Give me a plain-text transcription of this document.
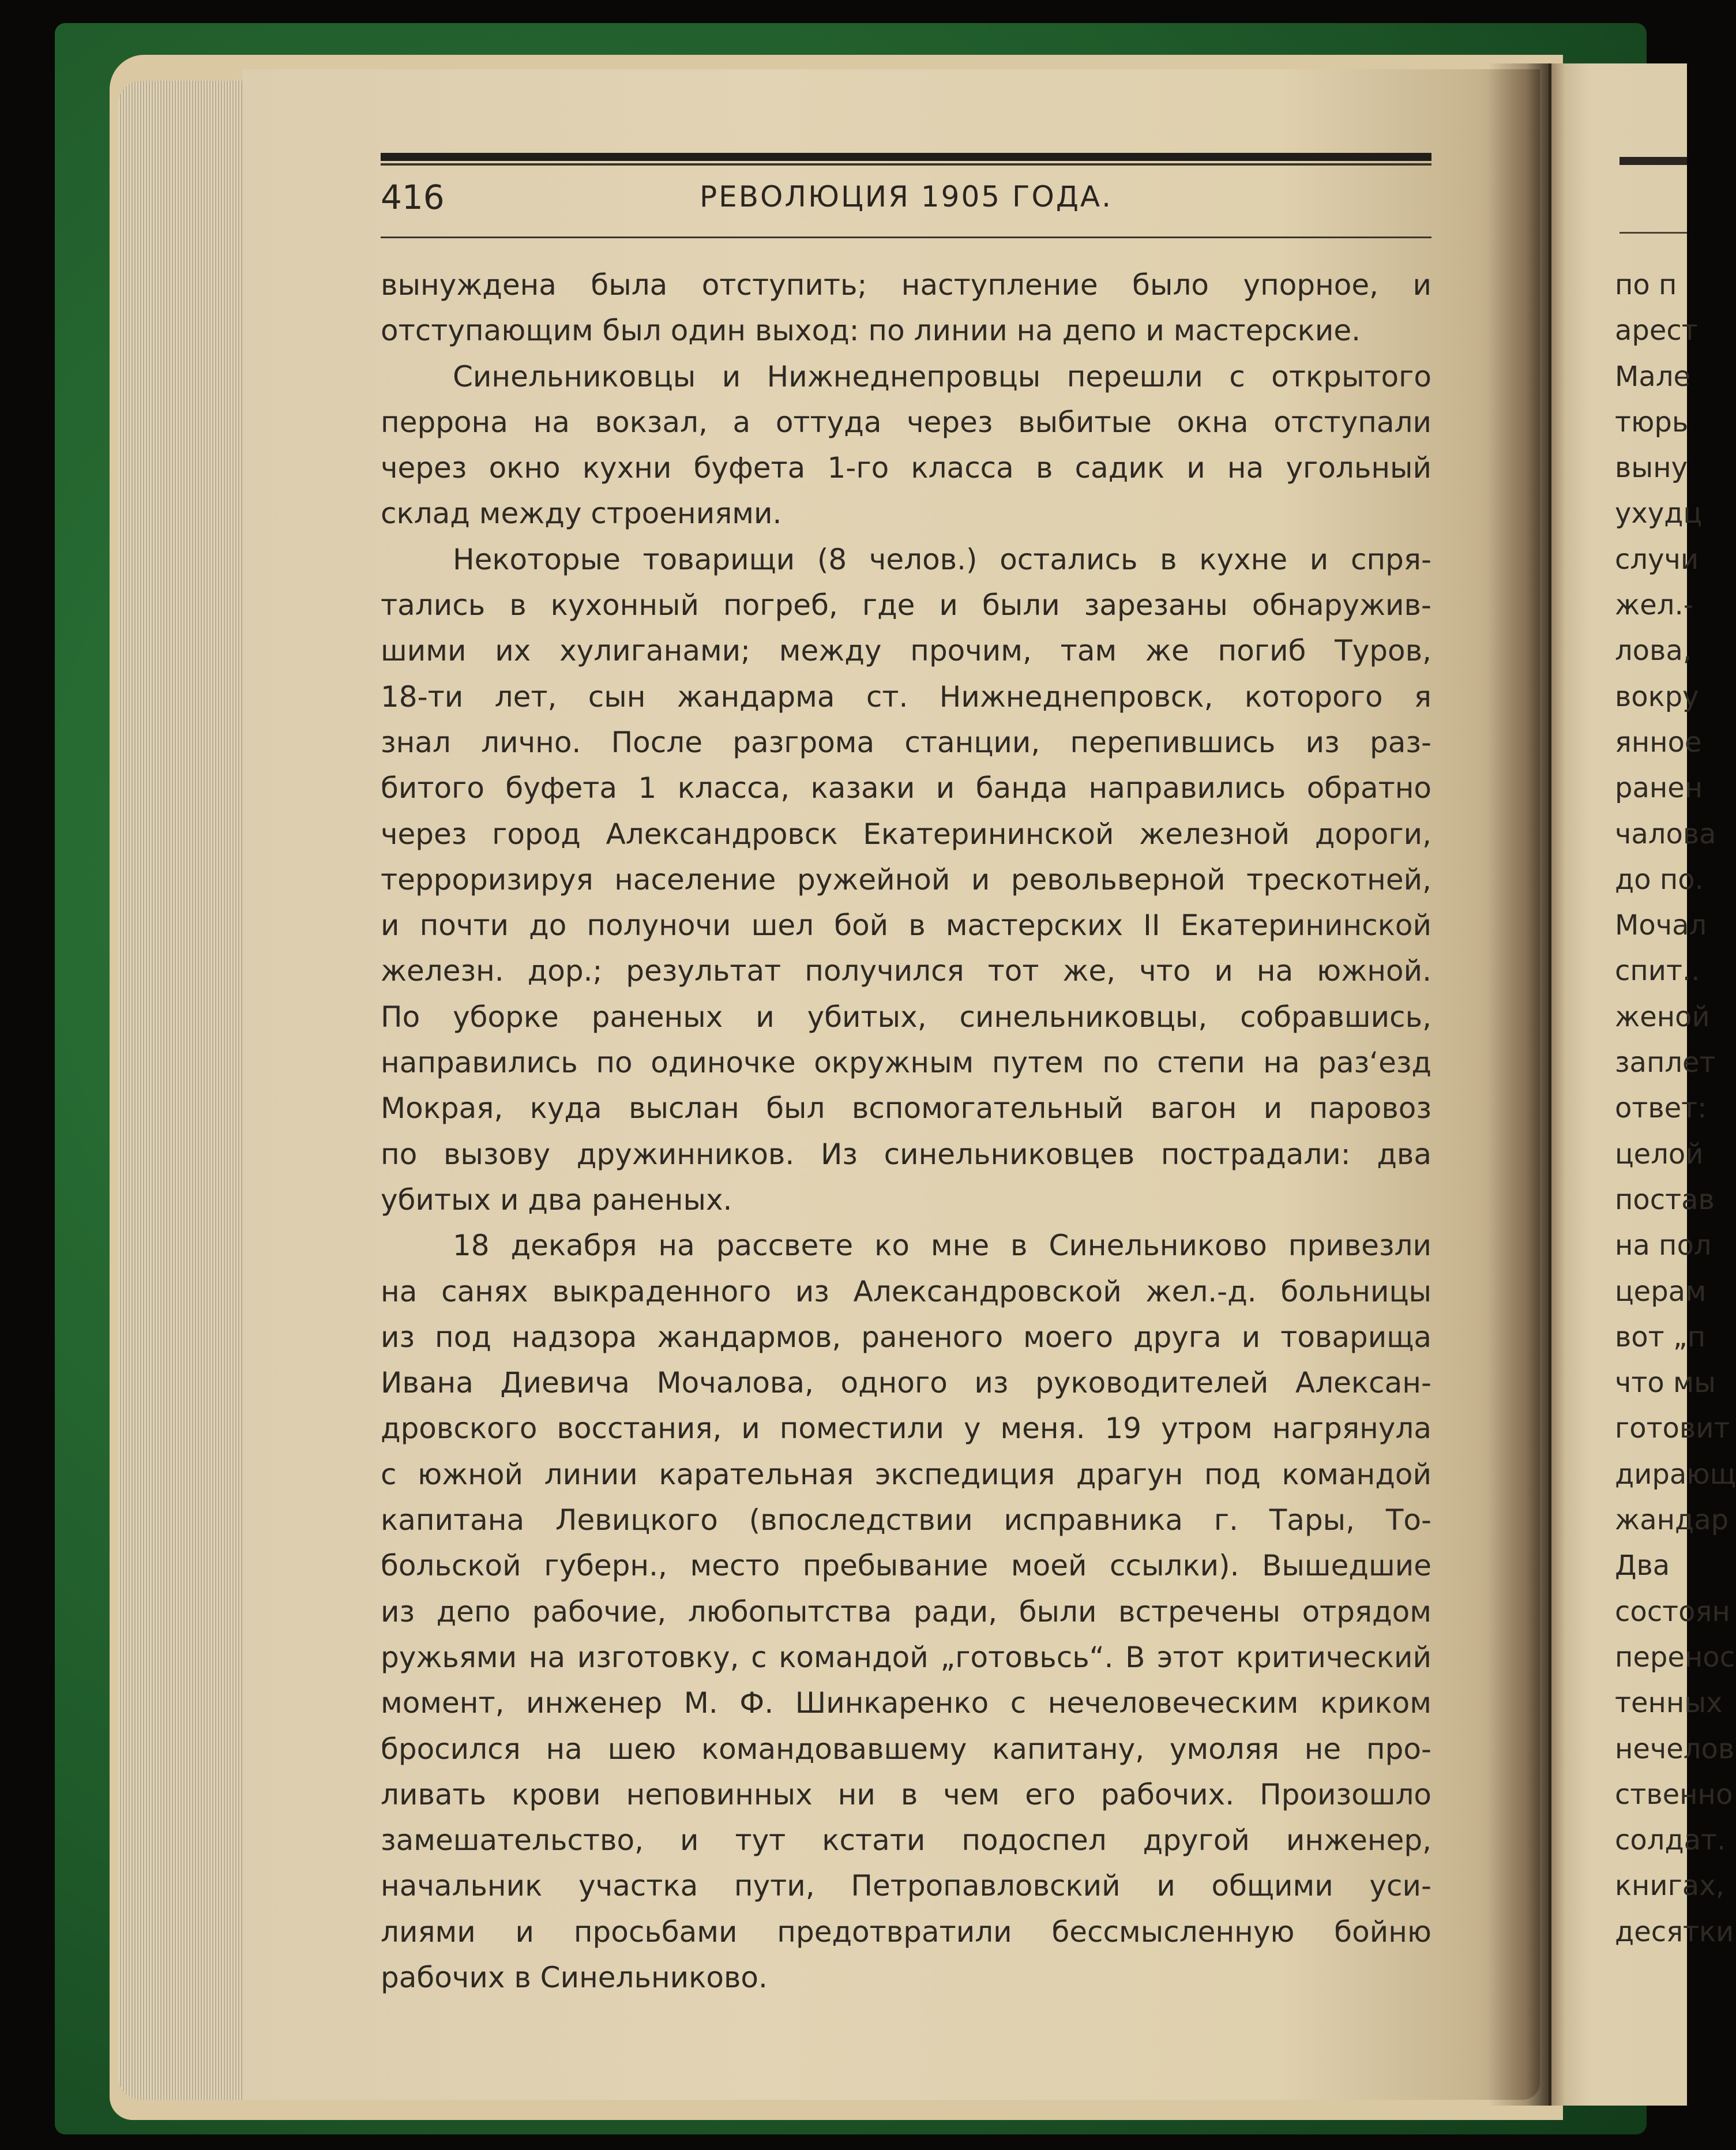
416	РЕВОЛЮЦИЯ 1905 ГОДА.

вынуждена была отступить; наступление было упорное, и
отступающим был один выход: по линии на депо и мастерские.

Синельниковцы и Нижнеднепровцы перешли с открытого
перрона на вокзал, а оттуда через выбитые окна отступали
через окно кухни буфета 1-го класса в садик и на угольный
склад между строениями.

Некоторые товарищи (8 челов.) остались в кухне и спря-
тались в кухонный погреб, где и были зарезаны обнаружив-
шими их хулиганами; между прочим, там же погиб Туров,
18-ти лет, сын жандарма ст. Нижнеднепровск, которого я
знал лично. После разгрома станции, перепившись из раз-
битого буфета 1 класса, казаки и банда направились обратно
через город Александровск Екатерининской железной дороги,
терроризируя население ружейной и револьверной трескотней,
и почти до полуночи шел бой в мастерских II Екатерининской
железн. дор.; результат получился тот же, что и на южной.
По уборке раненых и убитых, синельниковцы, собравшись,
направились по одиночке окружным путем по степи на раз‘езд
Мокрая, куда выслан был вспомогательный вагон и паровоз
по вызову дружинников. Из синельниковцев пострадали: два
убитых и два раненых.

18 декабря на рассвете ко мне в Синельниково привезли
на санях выкраденного из Александровской жел.-д. больницы
из под надзора жандармов, раненого моего друга и товарища
Ивана Диевича Мочалова, одного из руководителей Алексан-
дровского восстания, и поместили у меня. 19 утром нагрянула
с южной линии карательная экспедиция драгун под командой
капитана Левицкого (впоследствии исправника г. Тары, То-
больской губерн., место пребывание моей ссылки). Вышедшие
из депо рабочие, любопытства ради, были встречены отрядом
ружьями на изготовку, с командой „готовьсь“. В этот критический
момент, инженер М. Ф. Шинкаренко с нечеловеческим криком
бросился на шею командовавшему капитану, умоляя не про-
ливать крови неповинных ни в чем его рабочих. Произошло
замешательство, и тут кстати подоспел другой инженер,
начальник участка пути, Петропавловский и общими уси-
лиями и просьбами предотвратили бессмысленную бойню
рабочих в Синельниково.

по п
арест
Мале
тюрь
выну
ухудц
случи
жел.-
лова,
вокру
янное
ранен
чалова
до по.
Мочал
спит..
женой
заплет
ответ:
целой
постав
на пол
церам
вот „п
что мы
готовит
дирающ
жандар
Два
состоян
перенос
тенных
нечелов
ственно
солдат.
книгах,
десятки
